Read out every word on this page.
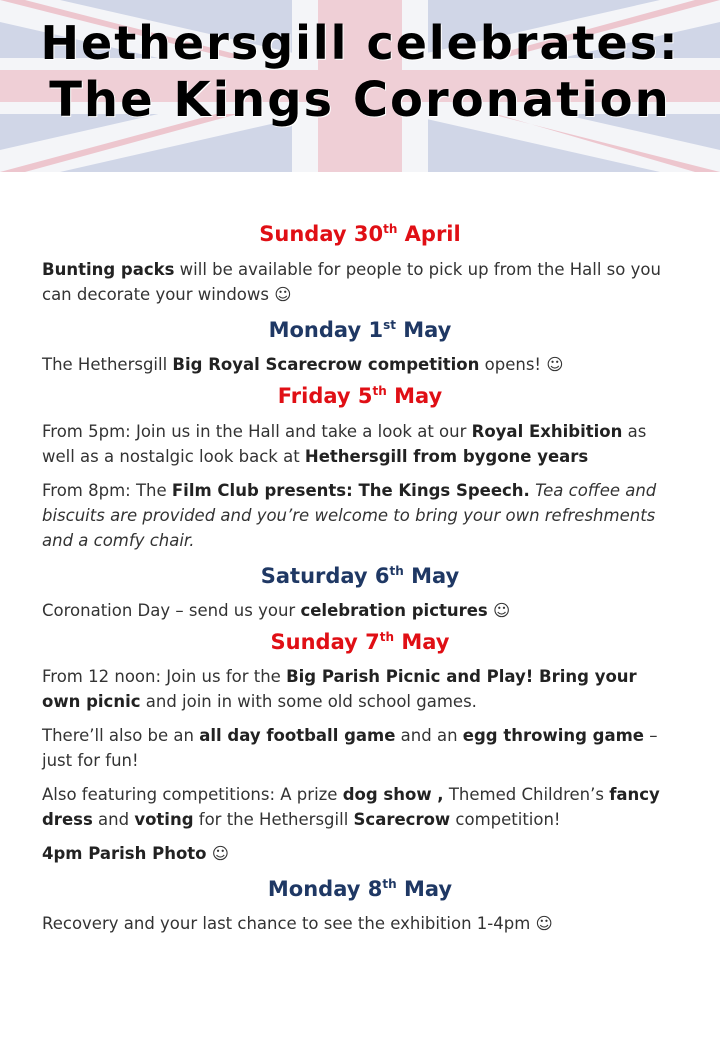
Hethersgill celebrates:
The Kings Coronation
Sunday 30th April

Bunting packs will be available for people to pick up from the Hall so you can decorate your windows ☺

Monday 1st May

The Hethersgill Big Royal Scarecrow competition opens! ☺

Friday 5th May

From 5pm: Join us in the Hall and take a look at our Royal Exhibition as well as a nostalgic look back at Hethersgill from bygone years

From 8pm: The Film Club presents: The Kings Speech. Tea coffee and biscuits are provided and you’re welcome to bring your own refreshments and a comfy chair.

Saturday 6th May

Coronation Day – send us your celebration pictures ☺

Sunday 7th May

From 12 noon: Join us for the Big Parish Picnic and Play! Bring your own picnic and join in with some old school games.

There’ll also be an all day football game and an egg throwing game – just for fun!

Also featuring competitions: A prize dog show , Themed Children’s fancy dress and voting for the Hethersgill Scarecrow competition!

4pm Parish Photo ☺

Monday 8th May

Recovery and your last chance to see the exhibition 1-4pm ☺
